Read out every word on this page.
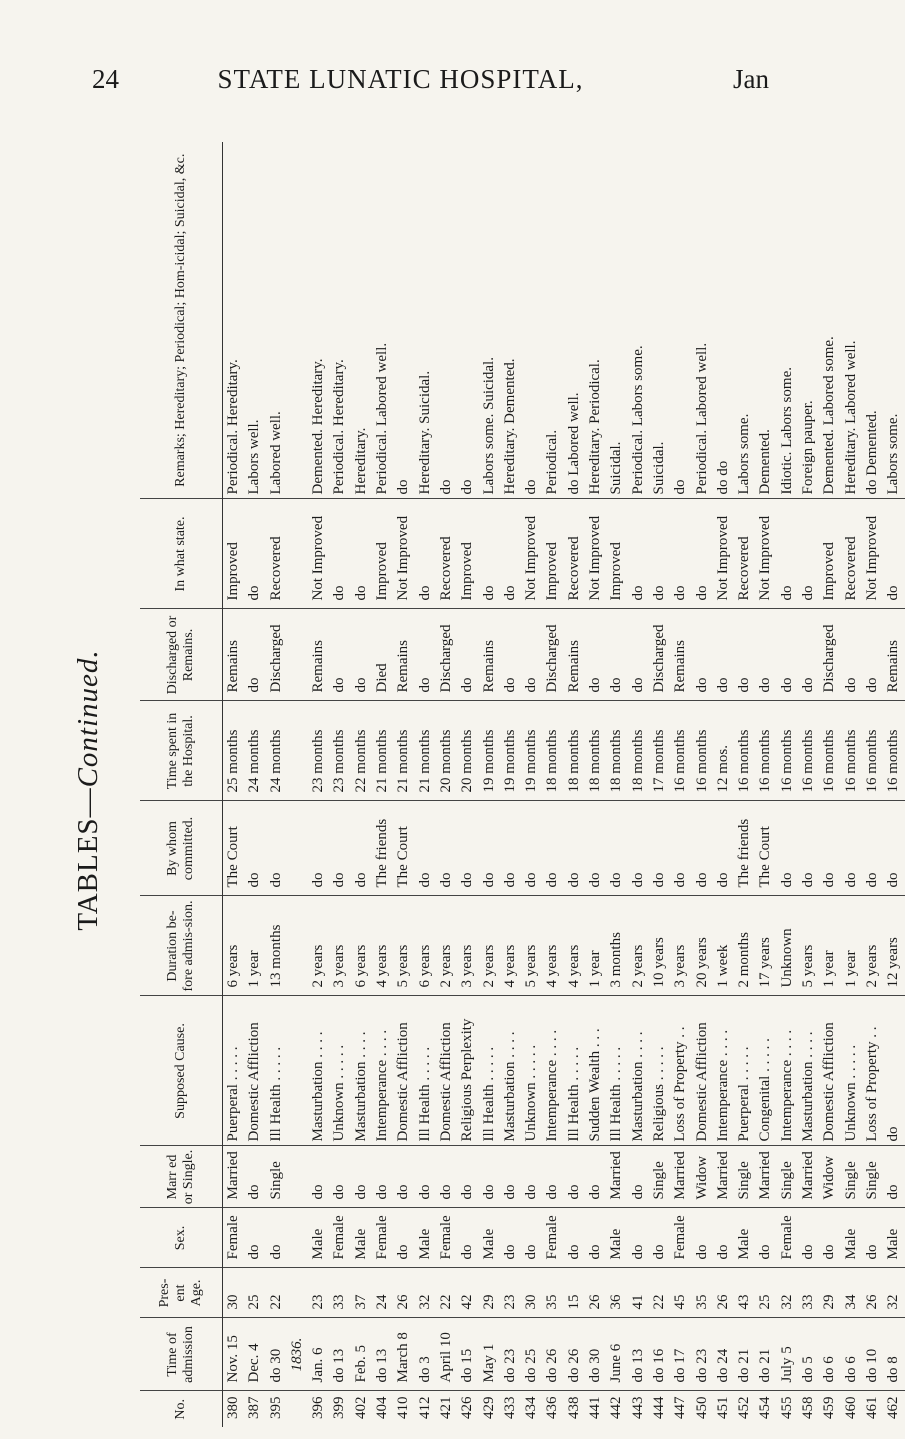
24	STATE LUNATIC HOSPITAL,	Jan
TABLES—Continued.
No.	Time of admission	Pres-ent Age.	Sex.	Marr ed or Single.	Supposed Cause.	Duration be-fore admis-sion.	By whom committed.	Time spent in the Hospital.	Discharged or Remains.	In what state.	Remarks; Hereditary; Periodical; Hom-icidal; Suicidal, &c.
380	Nov. 15	30	Female	Married	Puerperal . . . . .	6 years	The Court	25 months	Remains	Improved	Periodical. Hereditary.
387	Dec. 4	25	do	do	Domestic Affliction	1 year	do	24 months	do	do	Labors well.
395	do 30	22	do	Single	Ill Health . . . . .	13 months	do	24 months	Discharged	Recovered	Labored well.
	1836.										
396	Jan. 6	23	Male	do	Masturbation . . . .	2 years	do	23 months	Remains	Not Improved	Demented. Hereditary.
399	do 13	33	Female	do	Unknown . . . . .	3 years	do	23 months	do	do	Periodical. Hereditary.
402	Feb. 5	37	Male	do	Masturbation . . . .	6 years	do	22 months	do	do	Hereditary.
404	do 13	24	Female	do	Intemperance . . . .	4 years	The friends	21 months	Died	Improved	Periodical. Labored well.
410	March 8	26	do	do	Domestic Affliction	5 years	The Court	21 months	Remains	Not Improved	do
412	do 3	32	Male	do	Ill Health . . . . .	6 years	do	21 months	do	do	Hereditary. Suicidal.
421	April 10	22	Female	do	Domestic Affliction	2 years	do	20 months	Discharged	Recovered	do
426	do 15	42	do	do	Religious Perplexity	3 years	do	20 months	do	Improved	do
429	May 1	29	Male	do	Ill Health . . . . .	2 years	do	19 months	Remains	do	Labors some. Suicidal.
433	do 23	23	do	do	Masturbation . . . .	4 years	do	19 months	do	do	Hereditary. Demented.
434	do 25	30	do	do	Unknown . . . . .	5 years	do	19 months	do	Not Improved	do
436	do 26	35	Female	do	Intemperance . . . .	4 years	do	18 months	Discharged	Improved	Periodical.
438	do 26	15	do	do	Ill Health . . . . .	4 years	do	18 months	Remains	Recovered	do Labored well.
441	do 30	26	do	do	Sudden Wealth . . .	1 year	do	18 months	do	Not Improved	Hereditary. Periodical.
442	June 6	36	Male	Married	Ill Health . . . . .	3 months	do	18 months	do	Improved	Suicidal.
443	do 13	41	do	do	Masturbation . . . .	2 years	do	18 months	do	do	Periodical. Labors some.
444	do 16	22	do	Single	Religious . . . . .	10 years	do	17 months	Discharged	do	Suicidal.
447	do 17	45	Female	Married	Loss of Property . .	3 years	do	16 months	Remains	do	do
450	do 23	35	do	Widow	Domestic Affliction	20 years	do	16 months	do	do	Periodical. Labored well.
451	do 24	26	do	Married	Intemperance . . . .	1 week	do	12 mos.	do	Not Improved	do do
452	do 21	43	Male	Single	Puerperal . . . . .	2 months	The friends	16 months	do	Recovered	Labors some.
454	do 21	25	do	Married	Congenital . . . . .	17 years	The Court	16 months	do	Not Improved	Demented.
455	July 5	32	Female	Single	Intemperance . . . .	Unknown	do	16 months	do	do	Idiotic. Labors some.
458	do 5	33	do	Married	Masturbation . . . .	5 years	do	16 months	do	do	Foreign pauper.
459	do 6	29	do	Widow	Domestic Affliction	1 year	do	16 months	Discharged	Improved	Demented. Labored some.
460	do 6	34	Male	Single	Unknown . . . . .	1 year	do	16 months	do	Recovered	Hereditary. Labored well.
461	do 10	26	do	Single	Loss of Property . .	2 years	do	16 months	do	Not Improved	do Demented.
462	do 8	32	Male	do	do	12 years	do	16 months	Remains	do	Labors some.
